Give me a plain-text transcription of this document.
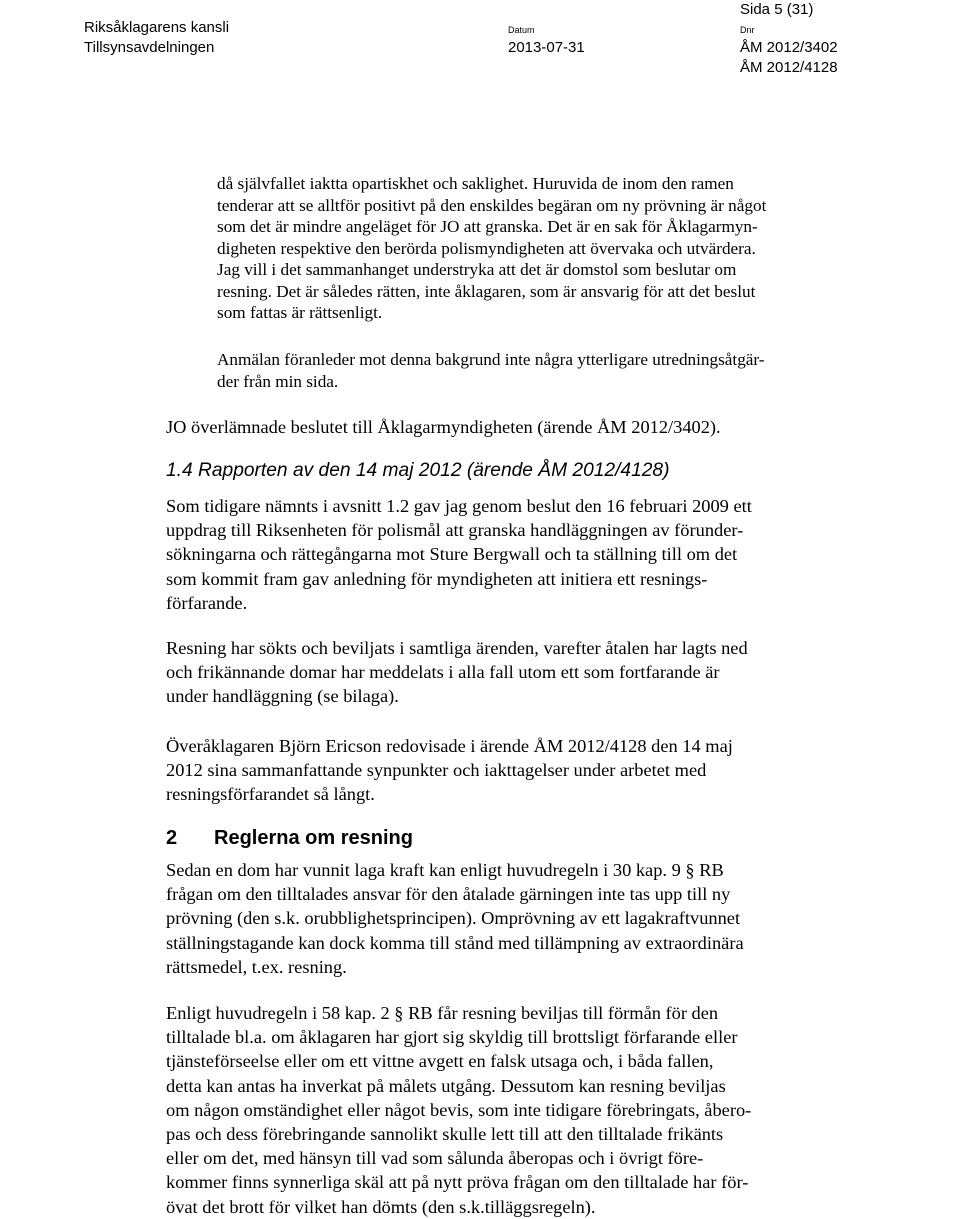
Riksåklagarens kansli
Tillsynsavdelningen
Datum
2013-07-31
Dnr
ÅM 2012/3402
ÅM 2012/4128
Sida 5 (31)

då självfallet iaktta opartiskhet och saklighet. Huruvida de inom den ramen

tenderar att se alltför positivt på den enskildes begäran om ny prövning är något

som det är mindre angeläget för JO att granska. Det är en sak för Åklagarmyn-

digheten respektive den berörda polismyndigheten att övervaka och utvärdera.

Jag vill i det sammanhanget understryka att det är domstol som beslutar om

resning. Det är således rätten, inte åklagaren, som är ansvarig för att det beslut

som fattas är rättsenligt.

Anmälan föranleder mot denna bakgrund inte några ytterligare utredningsåtgär-

der från min sida.

JO överlämnade beslutet till Åklagarmyndigheten (ärende ÅM 2012/3402).

1.4 Rapporten av den 14 maj 2012 (ärende ÅM 2012/4128)

Som tidigare nämnts i avsnitt 1.2 gav jag genom beslut den 16 februari 2009 ett

uppdrag till Riksenheten för polismål att granska handläggningen av förunder-

sökningarna och rättegångarna mot Sture Bergwall och ta ställning till om det

som kommit fram gav anledning för myndigheten att initiera ett resnings-

förfarande.

Resning har sökts och beviljats i samtliga ärenden, varefter åtalen har lagts ned

och frikännande domar har meddelats i alla fall utom ett som fortfarande är

under handläggning (se bilaga).

Överåklagaren Björn Ericson redovisade i ärende ÅM 2012/4128 den 14 maj

2012 sina sammanfattande synpunkter och iakttagelser under arbetet med

resningsförfarandet så långt.

2 Reglerna om resning

Sedan en dom har vunnit laga kraft kan enligt huvudregeln i 30 kap. 9 § RB

frågan om den tilltalades ansvar för den åtalade gärningen inte tas upp till ny

prövning (den s.k. orubblighetsprincipen). Omprövning av ett lagakraftvunnet

ställningstagande kan dock komma till stånd med tillämpning av extraordinära

rättsmedel, t.ex. resning.

Enligt huvudregeln i 58 kap. 2 § RB får resning beviljas till förmån för den

tilltalade bl.a. om åklagaren har gjort sig skyldig till brottsligt förfarande eller

tjänsteförseelse eller om ett vittne avgett en falsk utsaga och, i båda fallen,

detta kan antas ha inverkat på målets utgång. Dessutom kan resning beviljas

om någon omständighet eller något bevis, som inte tidigare förebringats, åbero-

pas och dess förebringande sannolikt skulle lett till att den tilltalade frikänts

eller om det, med hänsyn till vad som sålunda åberopas och i övrigt före-

kommer finns synnerliga skäl att på nytt pröva frågan om den tilltalade har för-

övat det brott för vilket han dömts (den s.k.tilläggsregeln).
